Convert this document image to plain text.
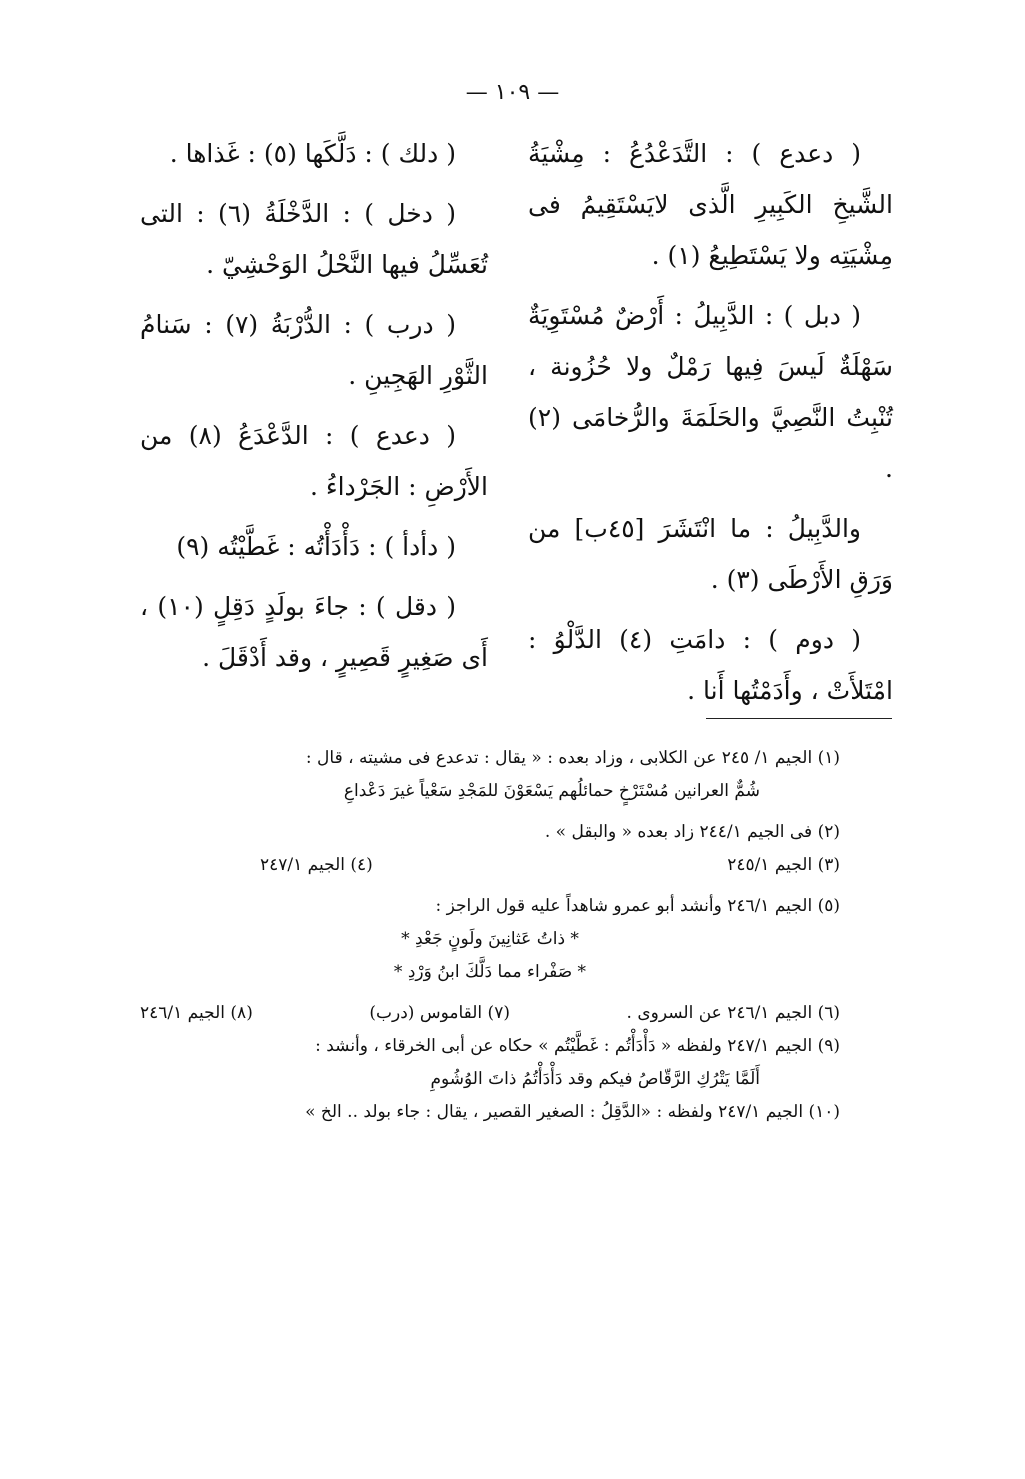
— ١٠٩ —

( دعدع ) : التَّدَعْدُعُ : مِشْيَةُ الشَّيخِ الكَبِيرِ الَّذى لايَسْتَقِيمُ فى مِشْيَتِه ولا يَسْتَطِيعُ (١) .

( دبل ) : الدَّبِيلُ : أَرْضٌ مُسْتَوِيَةٌ سَهْلَةٌ لَيسَ فِيها رَمْلٌ ولا حُزُونة ، تُنْبِتُ النَّصِيَّ والحَلَمَةَ والرُّخامَى (٢) .

والدَّبِيلُ : ما انْتَشَرَ [٤٥ب] من وَرَقِ الأَرْطَى (٣) .

( دوم ) : دامَتِ (٤) الدَّلْوُ : امْتَلأَتْ ، وأَدَمْتُها أَنا .

( دلك ) : دَلَّكَها (٥) : غَذاها .

( دخل ) : الدَّخْلَةُ (٦) : التى تُعَسِّلُ فيها النَّحْلُ الوَحْشِيّ .

( درب ) : الدُّرْبَةُ (٧) : سَنامُ الثَّوْرِ الهَجِينِ .

( دعدع ) : الدَّعْدَعُ (٨) من الأَرْضِ : الجَرْداءُ .

( دأدأ ) : دَأْدَأْتُه : غَطَّيْتُه (٩)

( دقل ) : جاءَ بولَدٍ دَقِلٍ (١٠) ، أَى صَغِيرٍ قَصِيرٍ ، وقد أَدْقَلَ .

(١) الجيم ١/ ٢٤٥ عن الكلابى ، وزاد بعده : « يقال : تدعدع فى مشيته ، قال :

شُمٌّ العرانين مُسْتَرْخٍ حمائلُهم يَسْعَوْنَ للمَجْدِ سَعْياً غيرَ دَعْداعِ

(٢) فى الجيم ٢٤٤/١ زاد بعده « والبقل » .

(٣) الجيم ٢٤٥/١
(٤) الجيم ٢٤٧/١

(٥) الجيم ٢٤٦/١ وأنشد أبو عمرو شاهداً عليه قول الراجز :

* ذاتُ عَثانِينَ ولَونٍ جَعْدِ *

* صَفْراء مما دَلَّكَ ابنُ وَرْدِ *

(٦) الجيم ٢٤٦/١ عن السروى .
(٧) القاموس (درب)
(٨) الجيم ٢٤٦/١

(٩) الجيم ٢٤٧/١ ولفظه « دَأْدَأْتُم : غَطَّيْتُم » حكاه عن أبى الخرقاء ، وأنشد :

أَلَمَّا يَتْرُكِ الرَّقّاصُ فيكم وقد دَأْدَأْتُمُ ذاتَ الوُشُومِ

(١٠) الجيم ٢٤٧/١ ولفظه : «الدَّقِلُ : الصغير القصير ، يقال : جاء بولد .. الخ »
